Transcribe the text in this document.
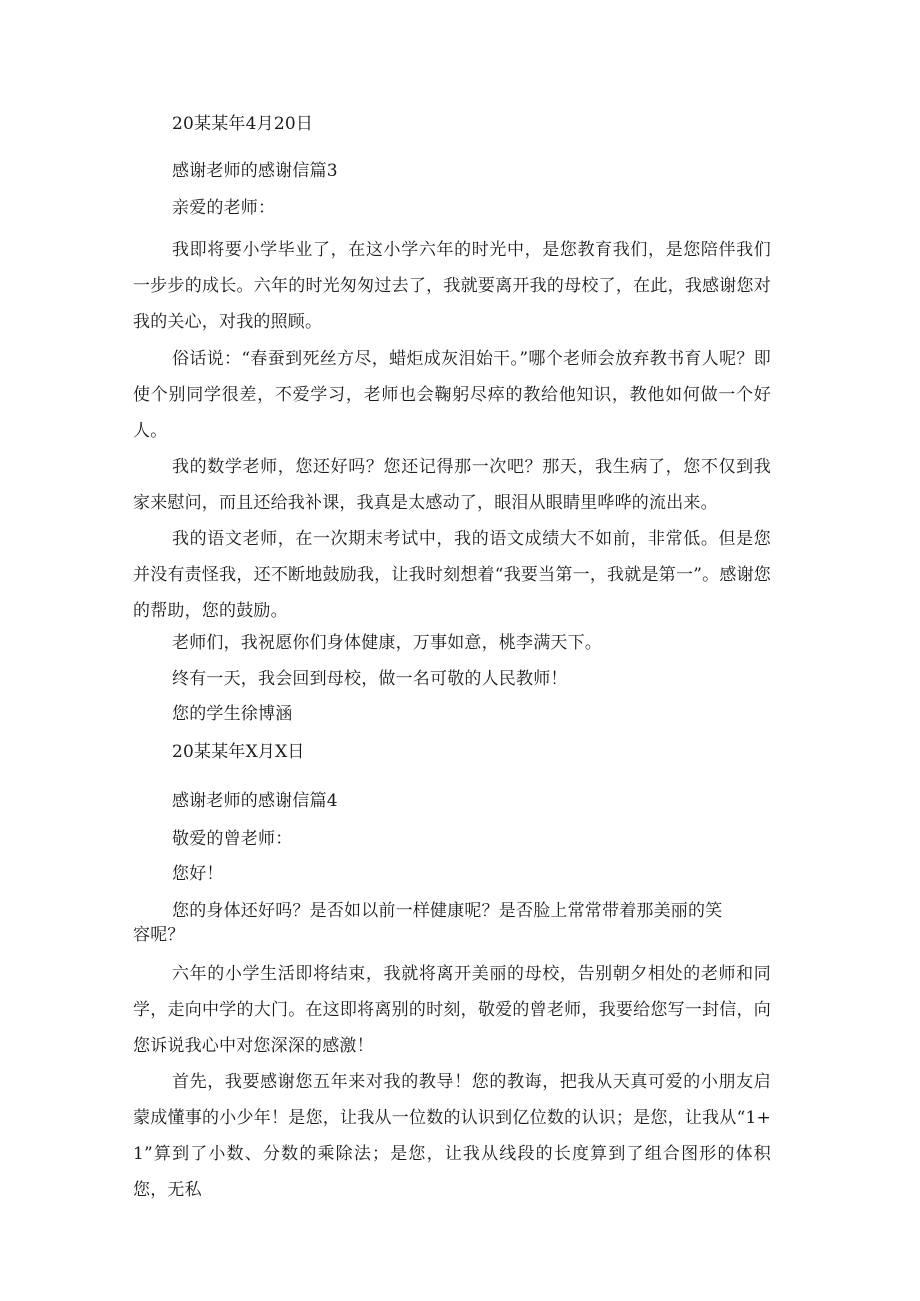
20某某年4月20日

感谢老师的感谢信篇3

亲爱的老师：

我即将要小学毕业了，在这小学六年的时光中，是您教育我们，是您陪伴我们一步步的成长。六年的时光匆匆过去了，我就要离开我的母校了，在此，我感谢您对我的关心，对我的照顾。

俗话说：“春蚕到死丝方尽，蜡炬成灰泪始干。”哪个老师会放弃教书育人呢？即使个别同学很差，不爱学习，老师也会鞠躬尽瘁的教给他知识，教他如何做一个好人。

我的数学老师，您还好吗？您还记得那一次吧？那天，我生病了，您不仅到我家来慰问，而且还给我补课，我真是太感动了，眼泪从眼睛里哗哗的流出来。

我的语文老师，在一次期末考试中，我的语文成绩大不如前，非常低。但是您并没有责怪我，还不断地鼓励我，让我时刻想着“我要当第一，我就是第一”。感谢您的帮助，您的鼓励。

老师们，我祝愿你们身体健康，万事如意，桃李满天下。

终有一天，我会回到母校，做一名可敬的人民教师！

您的学生徐博涵

20某某年X月X日

感谢老师的感谢信篇4

敬爱的曾老师：

您好！

您的身体还好吗？是否如以前一样健康呢？是否脸上常常带着那美丽的笑

容呢？

六年的小学生活即将结束，我就将离开美丽的母校，告别朝夕相处的老师和同学，走向中学的大门。在这即将离别的时刻，敬爱的曾老师，我要给您写一封信，向您诉说我心中对您深深的感激！

首先，我要感谢您五年来对我的教导！您的教诲，把我从天真可爱的小朋友启蒙成懂事的小少年！是您，让我从一位数的认识到亿位数的认识；是您，让我从“1+1”算到了小数、分数的乘除法；是您，让我从线段的长度算到了组合图形的体积您，无私
